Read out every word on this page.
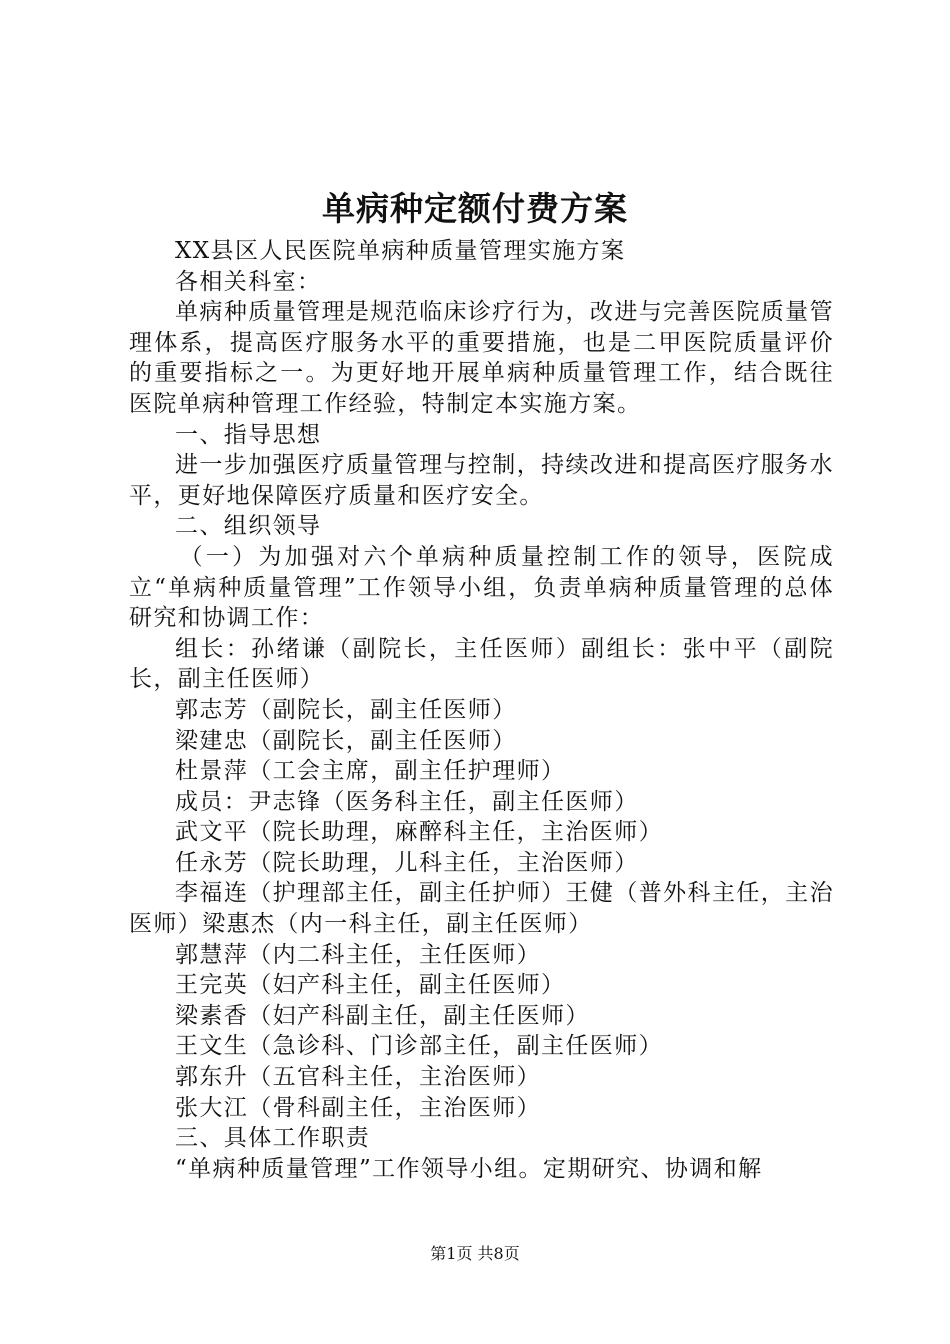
单病种定额付费方案

XX县区人民医院单病种质量管理实施方案

各相关科室：

单病种质量管理是规范临床诊疗行为，改进与完善医院质量管理体系，提高医疗服务水平的重要措施，也是二甲医院质量评价的重要指标之一。为更好地开展单病种质量管理工作，结合既往医院单病种管理工作经验，特制定本实施方案。

一、指导思想

进一步加强医疗质量管理与控制，持续改进和提高医疗服务水平，更好地保障医疗质量和医疗安全。

二、组织领导

（一）为加强对六个单病种质量控制工作的领导，医院成立“单病种质量管理”工作领导小组，负责单病种质量管理的总体研究和协调工作：

组长：孙绪谦（副院长，主任医师）副组长：张中平（副院长，副主任医师）

郭志芳（副院长，副主任医师）

梁建忠（副院长，副主任医师）

杜景萍（工会主席，副主任护理师）

成员：尹志锋（医务科主任，副主任医师）

武文平（院长助理，麻醉科主任，主治医师）

任永芳（院长助理，儿科主任，主治医师）

李福连（护理部主任，副主任护师）王健（普外科主任，主治医师）梁惠杰（内一科主任，副主任医师）

郭慧萍（内二科主任，主任医师）

王完英（妇产科主任，副主任医师）

梁素香（妇产科副主任，副主任医师）

王文生（急诊科、门诊部主任，副主任医师）

郭东升（五官科主任，主治医师）

张大江（骨科副主任，主治医师）

三、具体工作职责

“单病种质量管理”工作领导小组。定期研究、协调和解

第1页 共8页
